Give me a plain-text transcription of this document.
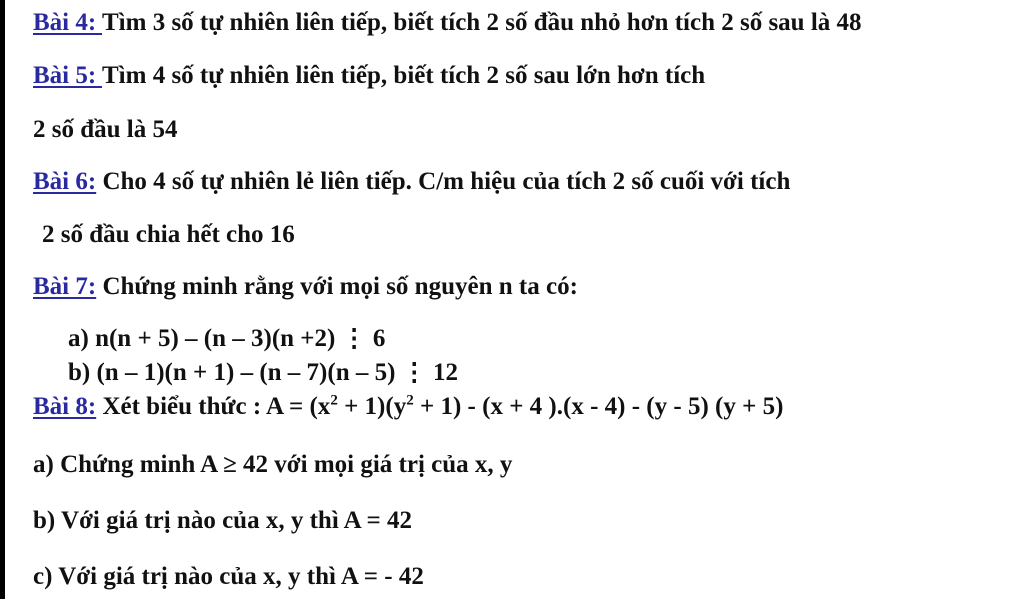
Bài 4: Tìm 3 số tự nhiên liên tiếp, biết tích 2 số đầu nhỏ hơn tích 2 số sau là 48
Bài 5: Tìm 4 số tự nhiên liên tiếp, biết tích 2 số sau lớn hơn tích
2 số đầu là 54
Bài 6: Cho 4 số tự nhiên lẻ liên tiếp. C/m hiệu của tích 2 số cuối với tích
2 số đầu chia hết cho 16
Bài 7: Chứng minh rằng với mọi số nguyên n ta có:
a) n(n + 5) – (n – 3)(n +2) ⋮ 6
b) (n – 1)(n + 1) – (n – 7)(n – 5) ⋮ 12
Bài 8: Xét biểu thức : $A = (x^2 + 1)(y^2 + 1) - (x + 4$ ).(x - 4) - (y - 5) (y + 5)
a) Chứng minh A ≥ 42 với mọi giá trị của x, y
b) Với giá trị nào của x, y thì A = 42
c) Với giá trị nào của x, y thì A = - 42
